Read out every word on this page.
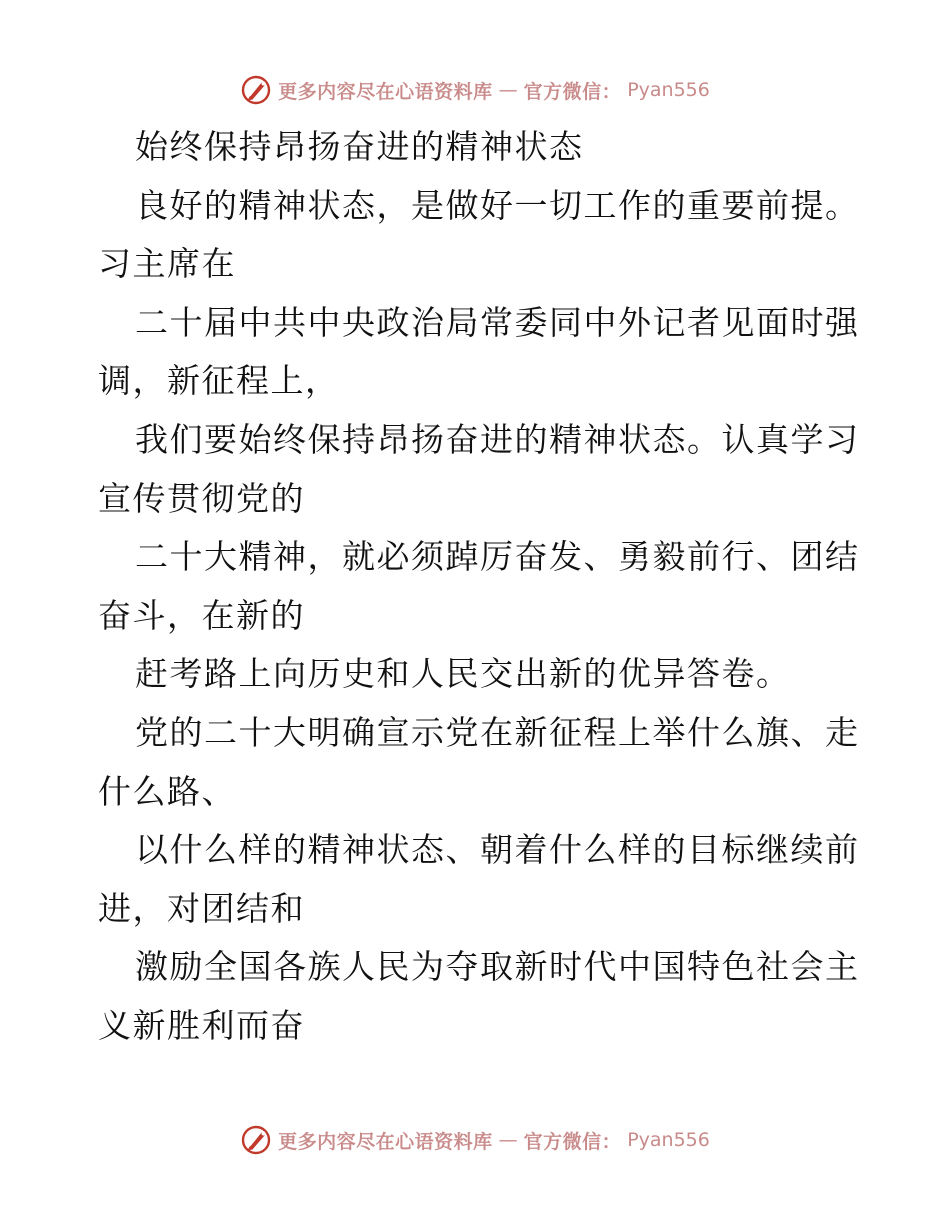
更多内容尽在心语资料库 — 官方微信： Pyan556
始终保持昂扬奋进的精神状态
良好的精神状态，是做好一切工作的重要前提。
习主席在
二十届中共中央政治局常委同中外记者见面时强
调，新征程上，
我们要始终保持昂扬奋进的精神状态。认真学习
宣传贯彻党的
二十大精神，就必须踔厉奋发、勇毅前行、团结
奋斗，在新的
赶考路上向历史和人民交出新的优异答卷。
党的二十大明确宣示党在新征程上举什么旗、走
什么路、
以什么样的精神状态、朝着什么样的目标继续前
进，对团结和
激励全国各族人民为夺取新时代中国特色社会主
义新胜利而奋
更多内容尽在心语资料库 — 官方微信： Pyan556
